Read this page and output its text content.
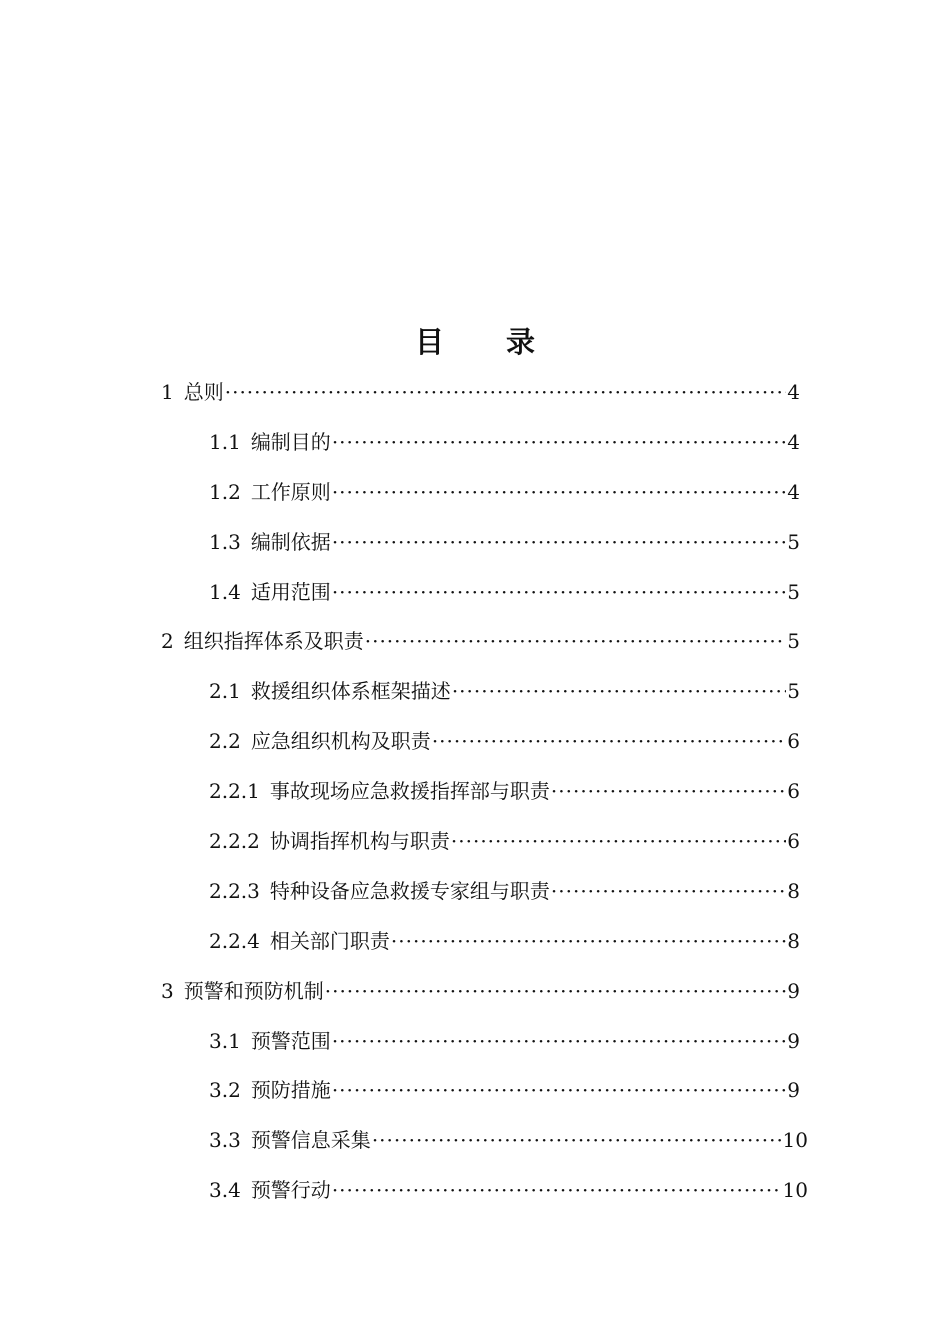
目 录
1 总则 ·····	4
1.1 编制目的 ·····	4
1.2 工作原则 ·····	4
1.3 编制依据 ·····	5
1.4 适用范围 ·····	5
2 组织指挥体系及职责 ·····	5
2.1 救援组织体系框架描述 ·····	5
2.2 应急组织机构及职责 ·····	6
2.2.1 事故现场应急救援指挥部与职责 ·····	6
2.2.2 协调指挥机构与职责 ·····	6
2.2.3 特种设备应急救援专家组与职责 ·····	8
2.2.4 相关部门职责 ·····	8
3 预警和预防机制 ·····	9
3.1 预警范围 ·····	9
3.2 预防措施 ·····	9
3.3 预警信息采集 ·····	10
3.4 预警行动 ·····	10
